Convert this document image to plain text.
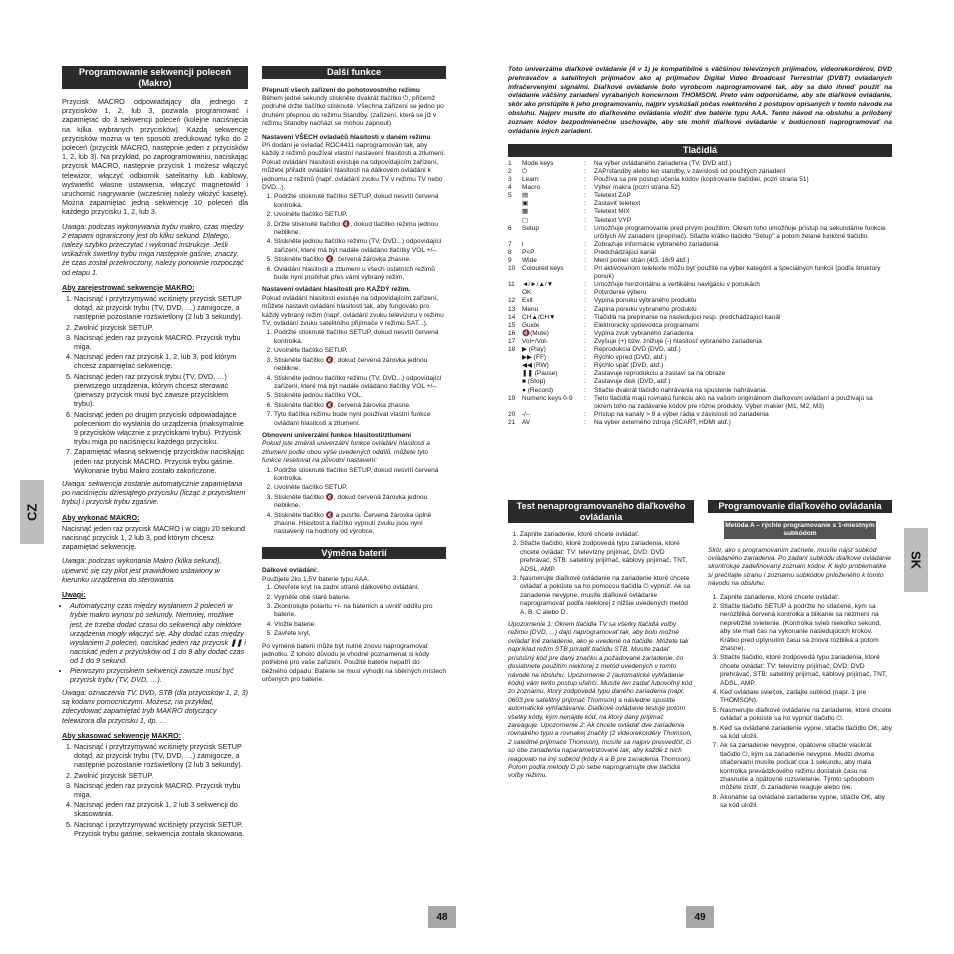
Programowanie sekwencji poleceń (Makro)

Przycisk MACRO odpowiadający dla jednego z przycisków 1, 2, lub 3, pozwala programować i zapamiętać do 3 sekwencji poleceń (kolejne naciśnięcia na kilka wybranych przycisków). Każdą sekwencję przycisków można w ten sposób zredukować tylko do 2 poleceń (przycisk MACRO, następnie jeden z przycisków 1, 2, lub 3). Na przykład, po zaprogramowaniu, naciskając przycisk MACRO, następnie przycisk 1 możesz włączyć telewizor, włączyć odbiornik satelitarny lub kablowy, wyświetlić własne ustawienia, włączyć magnetowid i uruchomić nagrywanie (wcześniej należy włożyć kasetę). Można zapamiętać jedną sekwencję 10 poleceń dla każdego przycisku 1, 2, lub 3.

Uwaga: podczas wykonywania trybu makro, czas między 2 etapami ograniczony jest do kilku sekund. Dlatego, należy szybko przeczytać i wykonać instrukcje. Jeśli wskaźnik świetlny trybu miga następnie gaśnie, znaczy, że czas został przekroczony, należy ponownie rozpocząć od etapu 1.

Aby zarejestrować sekwencję MAKRO:
1. Nacisnąć i przytrzymywać wciśnięty przycisk SETUP dotąd, aż przycisk trybu (TV, DVD, …) zamigocze, a następnie pozostanie rozświetlony (2 lub 3 sekundy).
2. Zwolnić przycisk SETUP.
3. Nacisnąć jeden raz przycisk MACRO. Przycisk trybu miga.
4. Nacisnąć jeden raz przycisk 1, 2, lub 3, pod którym chcesz zapamiętać sekwencję.
5. Nacisnąć jeden raz przycisk trybu (TV, DVD, …) pierwszego urządzenia, którym chcesz sterować (pierwszy przycisk musi być zawsze przyciskiem trybu).
6. Nacisnąć jeden po drugim przyciski odpowiadające poleceniom do wysłania do urządzenia (maksymalnie 9 przycisków włącznie z przyciskami trybu). Przycisk trybu miga po naciśnięciu każdego przycisku.
7. Zapamiętać własną sekwencję przycisków naciskając jeden raz przycisk MACRO. Przycisk trybu gaśnie. Wykonanie trybu Makro zostało zakończone.

Uwaga: sekwencja zostanie automatycznie zapamiętana po naciśnięciu dziesiątego przycisku (licząc z przyciskiem trybu) i przycisk trybu zgaśnie.

Aby wykonać MAKRO:

Nacisnąć jeden raz przycisk MACRO i w ciągu 20 sekund nacisnąć przycisk 1, 2 lub 3, pod którym chcesz zapamiętać sekwencję.

Uwaga: podczas wykonania Makro (kilka sekund), upewnić się czy pilot jest prawidłowo ustawiony w kierunku urządzenia do sterowania.

Uwagi:
• Automatyczny czas między wysłaniem 2 poleceń w trybie makro wynosi pó sekundy. Niemniej, możliwe jest, że trzeba dodać czasu do sekwencji aby niektóre urządzenia mogły włączyć się. Aby dodać czas między wysłaniem 2 poleceń, naciskać jeden raz przycisk ❚❚ i naciskać jeden z przycisków od 1 do 9 aby dodać czas od 1 do 9 sekund.
• Pierwszym przyciskiem sekwencji zawsze musi być przycisk trybu (TV, DVD, …).

Uwaga: oznaczenia TV, DVD, STB (dla przycisków 1, 2, 3) są kodami pomocniczymi. Możesz, na przykład, zdecydować zapamiętać tryb MAKRO dotyczący telewizora dla przycisku 1, itp. …

Aby skasować sekwencję MAKRO:
1. Nacisnąć i przytrzymywać wciśnięty przycisk SETUP dotąd, aż przycisk trybu (TV, DVD, …) zamigocze, a następnie pozostanie rozświetlony (2 lub 3 sekundy).
2. Zwolnić przycisk SETUP.
3. Nacisnąć jeden raz przycisk MACRO. Przycisk trybu miga.
4. Nacisnąć jeden raz przycisk 1, 2 lub 3 sekwencji do skasowania.
5. Nacisnąć i przytrzymywać wciśnięty przycisk SETUP. Przycisk trybu gaśnie, sekwencja została skasowana.
Další funkce
Přepnutí všech zařízení do pohotovostního režimu

Během jedné sekundy stiskněte dvakrát tlačítko ⏻, přičemž podruhé držte tlačítko stisknuté. Všechna zařízení se jedno po druhém přepnou do režimu Standby. (zařízení, která se již v režimu Standby nachází se mohou zapnout)

Nastavení VŠECH ovladačů hlasitosti v daném režimu

Při dodání je ovladač ROC4411 naprogramován tak, aby každý z režimů používal vlastní nastavení hlasitosti a ztlumení. Pokud ovládání hlasitosti existuje na odpovídajícím zařízení, můžete přiřadit ovládání hlasitosti na dálkovém ovládání k jednomu z režimů (např. ovládání zvuku TV v režimu TV nebo DVD...).

1. Podržte stisknuté tlačítko SETUP, dokud nesvítí červená kontrolka.
2. Uvolněte tlačítko SETUP.
3. Držte stisknuté tlačítko 🔇, dokud tlačítko režimu jednou neblikne.
4. Stiskněte jednou tlačítko režimu (TV, DVD...) odpovídající zařízení, které má být nadále ovládáno tlačítky VOL +/–.
5. Stiskněte tlačítko 🔇, červená žárovka zhasne.
6. Ovládání hlasitosti a ztlumení u všech ostatních režimů bude nyní probíhat přes vámi vybraný režim.
Nastavení ovládání hlasitosti pro KAŽDÝ režim.

Pokud ovládání hlasitosti existuje na odpovídajícím zařízení, můžete nastavit ovládání hlasitosti tak, aby fungovalo pro každý vybraný režim (např. ovládání zvuku televizoru v režimu TV, ovládání zvuku satelitního přijímače v režimu SAT...).

1. Podržte stisknuté tlačítko SETUP, dokud nesvítí červená kontrolka.
2. Uvolněte tlačítko SETUP.
3. Stiskněte tlačítko 🔇, dokud červená žárovka jednou neblikne.
4. Stiskněte jednou tlačítko režimu (TV, DVD...) odpovídající zařízení, které má být nadále ovládáno tlačítky VOL +/–.
5. Stiskněte jednou tlačítko VOL.
6. Stiskněte tlačítko 🔇, červená žárovka zhasne.
7. Tyto tlačítka režimu bude nyní používat vlastní funkce ovládání hlasitosti a ztlumení.
Obnovení univerzální funkce hlasitosti/ztlumení

Pokud jste změnili univerzální funkce ovládání hlasitosti a ztlumení podle obou výše uvedených oddílů, můžete tyto funkce resetovat na původní nastavení:

1. Podržte stisknuté tlačítko SETUP, dokud nesvítí červená kontrolka.
2. Uvolněte tlačítko SETUP.
3. Stiskněte tlačítko 🔇, dokud červená žárovka jednou neblikne.
4. Stiskněte tlačítko 🔇 a pusťte. Červená žárovka úplně zhasne. Hlasitost a tlačítko vypnutí zvuku jsou nyní nastaveny na hodnoty od výrobce.
Výměna baterií
Dálkové ovládání:
Použijete 2ks 1,5V baterie typu AAA.
1. Otevřete kryt na zadní straně dálkového ovládání.
2. Vyjměte obě staré baterie.
3. Zkontrolujte polaritu +/- na bateriích a uvnitř oddílu pro baterie.
4. Vložte baterie.
5. Zavřete kryt.

Po výměně baterií může být nutné znovu naprogramovat jednotku. Z tohoto důvodu je vhodné poznamenat si kódy potřebné pro vaše zařízení. Použité baterie nepatří do běžného odpadu. Baterie se musí vyhodit na sběrných místech určených pro baterie.

CZ
48

Toto univerzálne diaľkové ovládanie (4 v 1) je kompatibilné s väčšinou televíznych prijímačov, videorekordérov, DVD prehrávačov a satelitných prijímačov ako aj prijímačov Digital Video Broadcast Terrestrial (DVBT) ovládaných infračervenými signálmi. Diaľkové ovládanie bolo vyrobcom naprogramované tak, aby sa dalo ihneď použiť na ovládanie väčšiny zariadení vyrábaných koncernom THOMSON. Preto vám odporúčame, aby ste diaľkové ovládanie, skôr ako pristúpite k jeho programovaniu, najprv vyskúšali počas niektorého z postupov opísaných v tomto návode na obsluhu. Najprv musíte do diaľkového ovládania vložiť dve batérie typu AAA. Tento návod na obsluhu a priložený zoznam kódov bezpodmienečne uschovajte, aby ste mohli diaľkové ovládanie v budúcnosti naprogramovať na ovládanie iných zariadení.

Tlačidlá
1	Mode keys	:	Na výber ovládaného zariadenia (TV, DVD atď.)
2	⏻	:	ZAP/standby alebo len standby, v závislosti od použitých zariadení
3	Learn	:	Používa sa pre postup učenia kódov (kopírovanie tlačidiel, pozri strana 51)
4	Macro	:	Výber makra (pozri strana 52)
5	▤	:	Teletext ZAP
	▣	:	Zastaviť teletext
	▦	:	Teletext MIX
	▢	:	Teletext VYP
6	Setup	:	Umožňuje programovanie pred prvým použitím. Okrem toho umožňuje prístup na sekundárne funkcie určitých AV zariadení (prepínač). Stlačte krátko tlačidlo "Setup" a potom želané funkčné tlačidlo.
7	i	:	Zobrazuje informácie vybraného zariadenia
8	P<P	:	Predchádzajúci kanál
9	Wide	:	Mení pomer strán (4/3, 16/9 atď.)
10	Coloured keys	:	Pri aktivovanom teletexte môžu byť použité na výber kategórií a špeciálnych funkcií (podľa štruktúry ponuk)
11	◄/►/▲/▼	:	Umožňuje horizontálnu a vertikálnu navigáciu v ponukách
	OK	:	Potvrdenie výberu
12	Exit	:	Vypína ponuku vybraného produktu
13	Menu	:	Zapína ponuku vybraného produktu
14	CH▲/CH▼	:	Tlačidlá na prepínanie na nasledujúci resp. predchádzajúci kanál
15	Guide	:	Elektronický sprievodca programami
16	🔇(Mute)	:	Vypína zvuk vybraného zariadenia
17	Vol+/Vol-	:	Zvyšuje (+) bzw. znižuje (-) hlasitosť vybraného zariadenia
18	▶ (Play)	:	Reprodukcia DVD (DVD, atď.)
	▶▶ (FF)	:	Rýchlo vpred (DVD, atď.)
	◀◀ (RW)	:	Rýchlo späť (DVD, atď.)
	❚❚ (Pause)	:	Zastavuje reprodukciu a zastaví sa na obraze
	■ (Stop)	:	Zastavuje disk (DVD, atď.)
	● (Record)	:	Stlačte dvakrát tlačidlo nahrávania na spustenie nahrávania.
19	Numeric keys 0-9	:	Tieto tlačidlá majú rovnakú funkciu ako na vašom originálnom diaľkovom ovládaní a používajú sa okrem toho na zadávanie kódov pre rôzne produkty. Výber makier (M1, M2, M3)
20	-/--	:	Prístup na kanály > 9 a výber rádia v závislosti od zariadenia
21	AV	:	Na výber externého zdroja (SCART, HDMI atď.)
Test nenaprogramovaného diaľkového ovládania
1. Zapnite zariadenie, ktoré chcete ovládať.
2. Stlačte tlačidlo, ktoré zodpovedá typu zariadenia, ktoré chcete ovládať: TV: televízny prijímač, DVD: DVD prehrávač, STB: satelitný prijímač, káblový prijímač, TNT, ADSL, AMP.
3. Nasmerujte diaľkové ovládanie na zariadenie ktoré chcete ovládať a pokúste sa ho pomocou tlačidla ⏻ vypnúť. Ak sa zariadenie nevypne, musíte diaľkové ovládanie naprogramovať podľa niektorej z nižšie uvedených metód A, B, C alebo D.

Upozornenie 1: Okrem tlačidla TV sa všetky tlačidlá voľby režimu (DVD, ...) dajú naprogramovať tak, aby bolo možné ovládať iné zariadenie, ako je uvedené na tlačidle. Môžete tak napríklad režim STB priradiť tlačidlu STB. Musíte zadať príslušný kód pre daný značku a požadované zariadenie, čo dosiahnete použitím niektorej z metód uvedených v tomto návode na obsluhu. Upozornenie 2 (automatické vyhľadanie kódu) vám tento postup uľahčí. Musíte len zadať ľubovoľný kód zo zoznamu, ktorý zodpovedá typu daného zariadenia (napr. 0603 pre satelitný prijímač Thomson) a následne spustite automatické vyhľadávanie. Diaľkové ovládanie testuje potom všetky kódy, kým nenájde kód, na ktorý daný prijímač zareaguje. Upozornenie 2: Ak chcete ovládať dve zariadenia rovnakého typu a rovnakej značky (2 videorekordéry Thomson, 2 satelitné prijímače Thomson), musíte sa najprv presvedčiť, či sú obe zariadenia naparametrizované tak, aby každé z nich reagovalo na iný subkód (kódy A a B pre zariadenia Thomson). Potom podľa metódy D po sebe naprogramujte dve tlačidlá voľby režimu.

Programovanie diaľkového ovládania
Metóda A – rýchle programovanie s 1-miestnym subkódom

Skôr, ako s programovaním začnete, musíte nájsť subkód ovládaného zariadenia. Po zadaní subkódu diaľkové ovládanie skontroluje zadefinovaný zoznam kódov. K tejto problematike si prečítajte stranu í zoznamu subkódov priloženého k tomto návodu na obsluhu.

1. Zapnite zariadenie, ktoré chcete ovládať.
2. Stlačte tlačidlo SETUP a podržte ho stlačené, kým sa nerozbliká červená kontrolka a blikanie sa nezmení na nepretržité svietenie. (Kontrolka svieti niekoľko sekúnd, aby ste mali čas na vykonanie nasledujúcich krokov. Krátko pred uplynutím času sa znova rozbliká a potom zhasne).
3. Stlačte tlačidlo, ktoré zodpovedá typu zariadenia, ktoré chcete ovládať: TV: televízny prijímač, DVD: DVD prehrávač, STB: satelitný prijímač, káblový prijímač, TNT, ADSL, AMP.
4. Keď ovládate sviečok, zadajte subkód (napr. 1 pre THOMSON).
5. Nasmerujte diaľkové ovládanie na zariadenie, ktoré chcete ovládať a pokúste sa ho vypnúť tlačidlo ⏻.
6. Keď sa ovládané zariadenie vypne, stlačte tlačidlo OK, aby sa kód uložil.
7. Ak sa zariadenie nevypne, opätovne stlačte viackrát tlačidlo ⏻, kým sa zariadenie nevypne. Medzi dvoma stlačeniami musíte počkať cca 1 sekundu, aby mala kontrolka prevádzkového režimu dostatok času na zhasnutie a opätovné rozsvietenie. Týmto spôsobom môžete zistiť, či zariadenie reaguje alebo nie.
8. Akonáhle sa ovládané zariadenie vypne, stlačte OK, aby sa kód uložil.
SK
49
